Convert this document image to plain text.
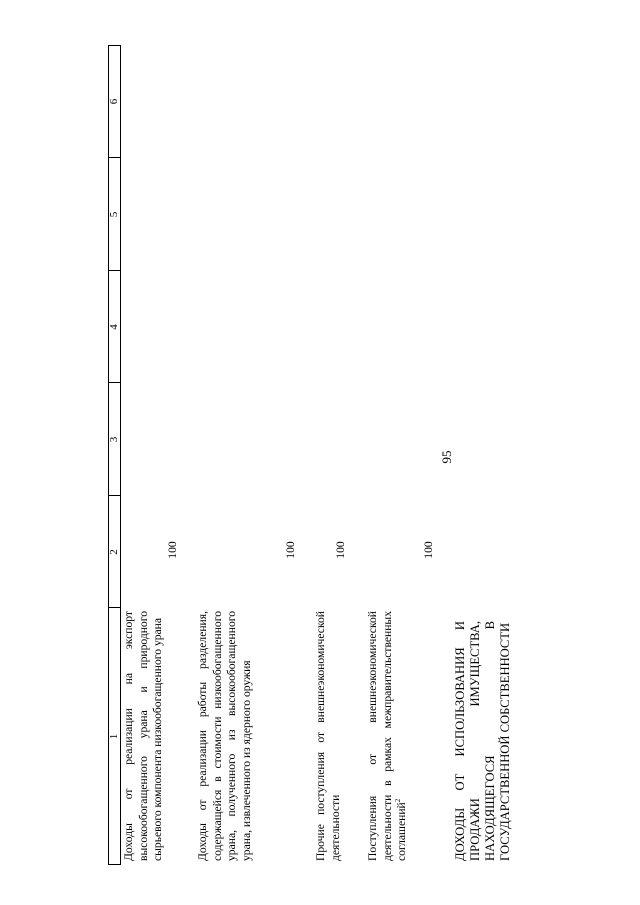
95
1
2
3
4
5
6
Доходы от реализации на экспорт высокообогащенного урана и природного сырьевого компонента низкообогащенного урана
100
Доходы от реализации работы разделения, содержащейся в стоимости низкообогащенного урана, полученного из высокообогащенного урана, извлеченного из ядерного оружия
100
Прочие поступления от внешнеэкономической деятельности
100
Поступления от внешнеэкономической деятельности в рамках межправительственных соглашений$^2$
100
ДОХОДЫ ОТ ИСПОЛЬЗОВАНИЯ И ПРОДАЖИ ИМУЩЕСТВА, НАХОДЯЩЕГОСЯ В ГОСУДАРСТВЕННОЙ СОБСТВЕННОСТИ
